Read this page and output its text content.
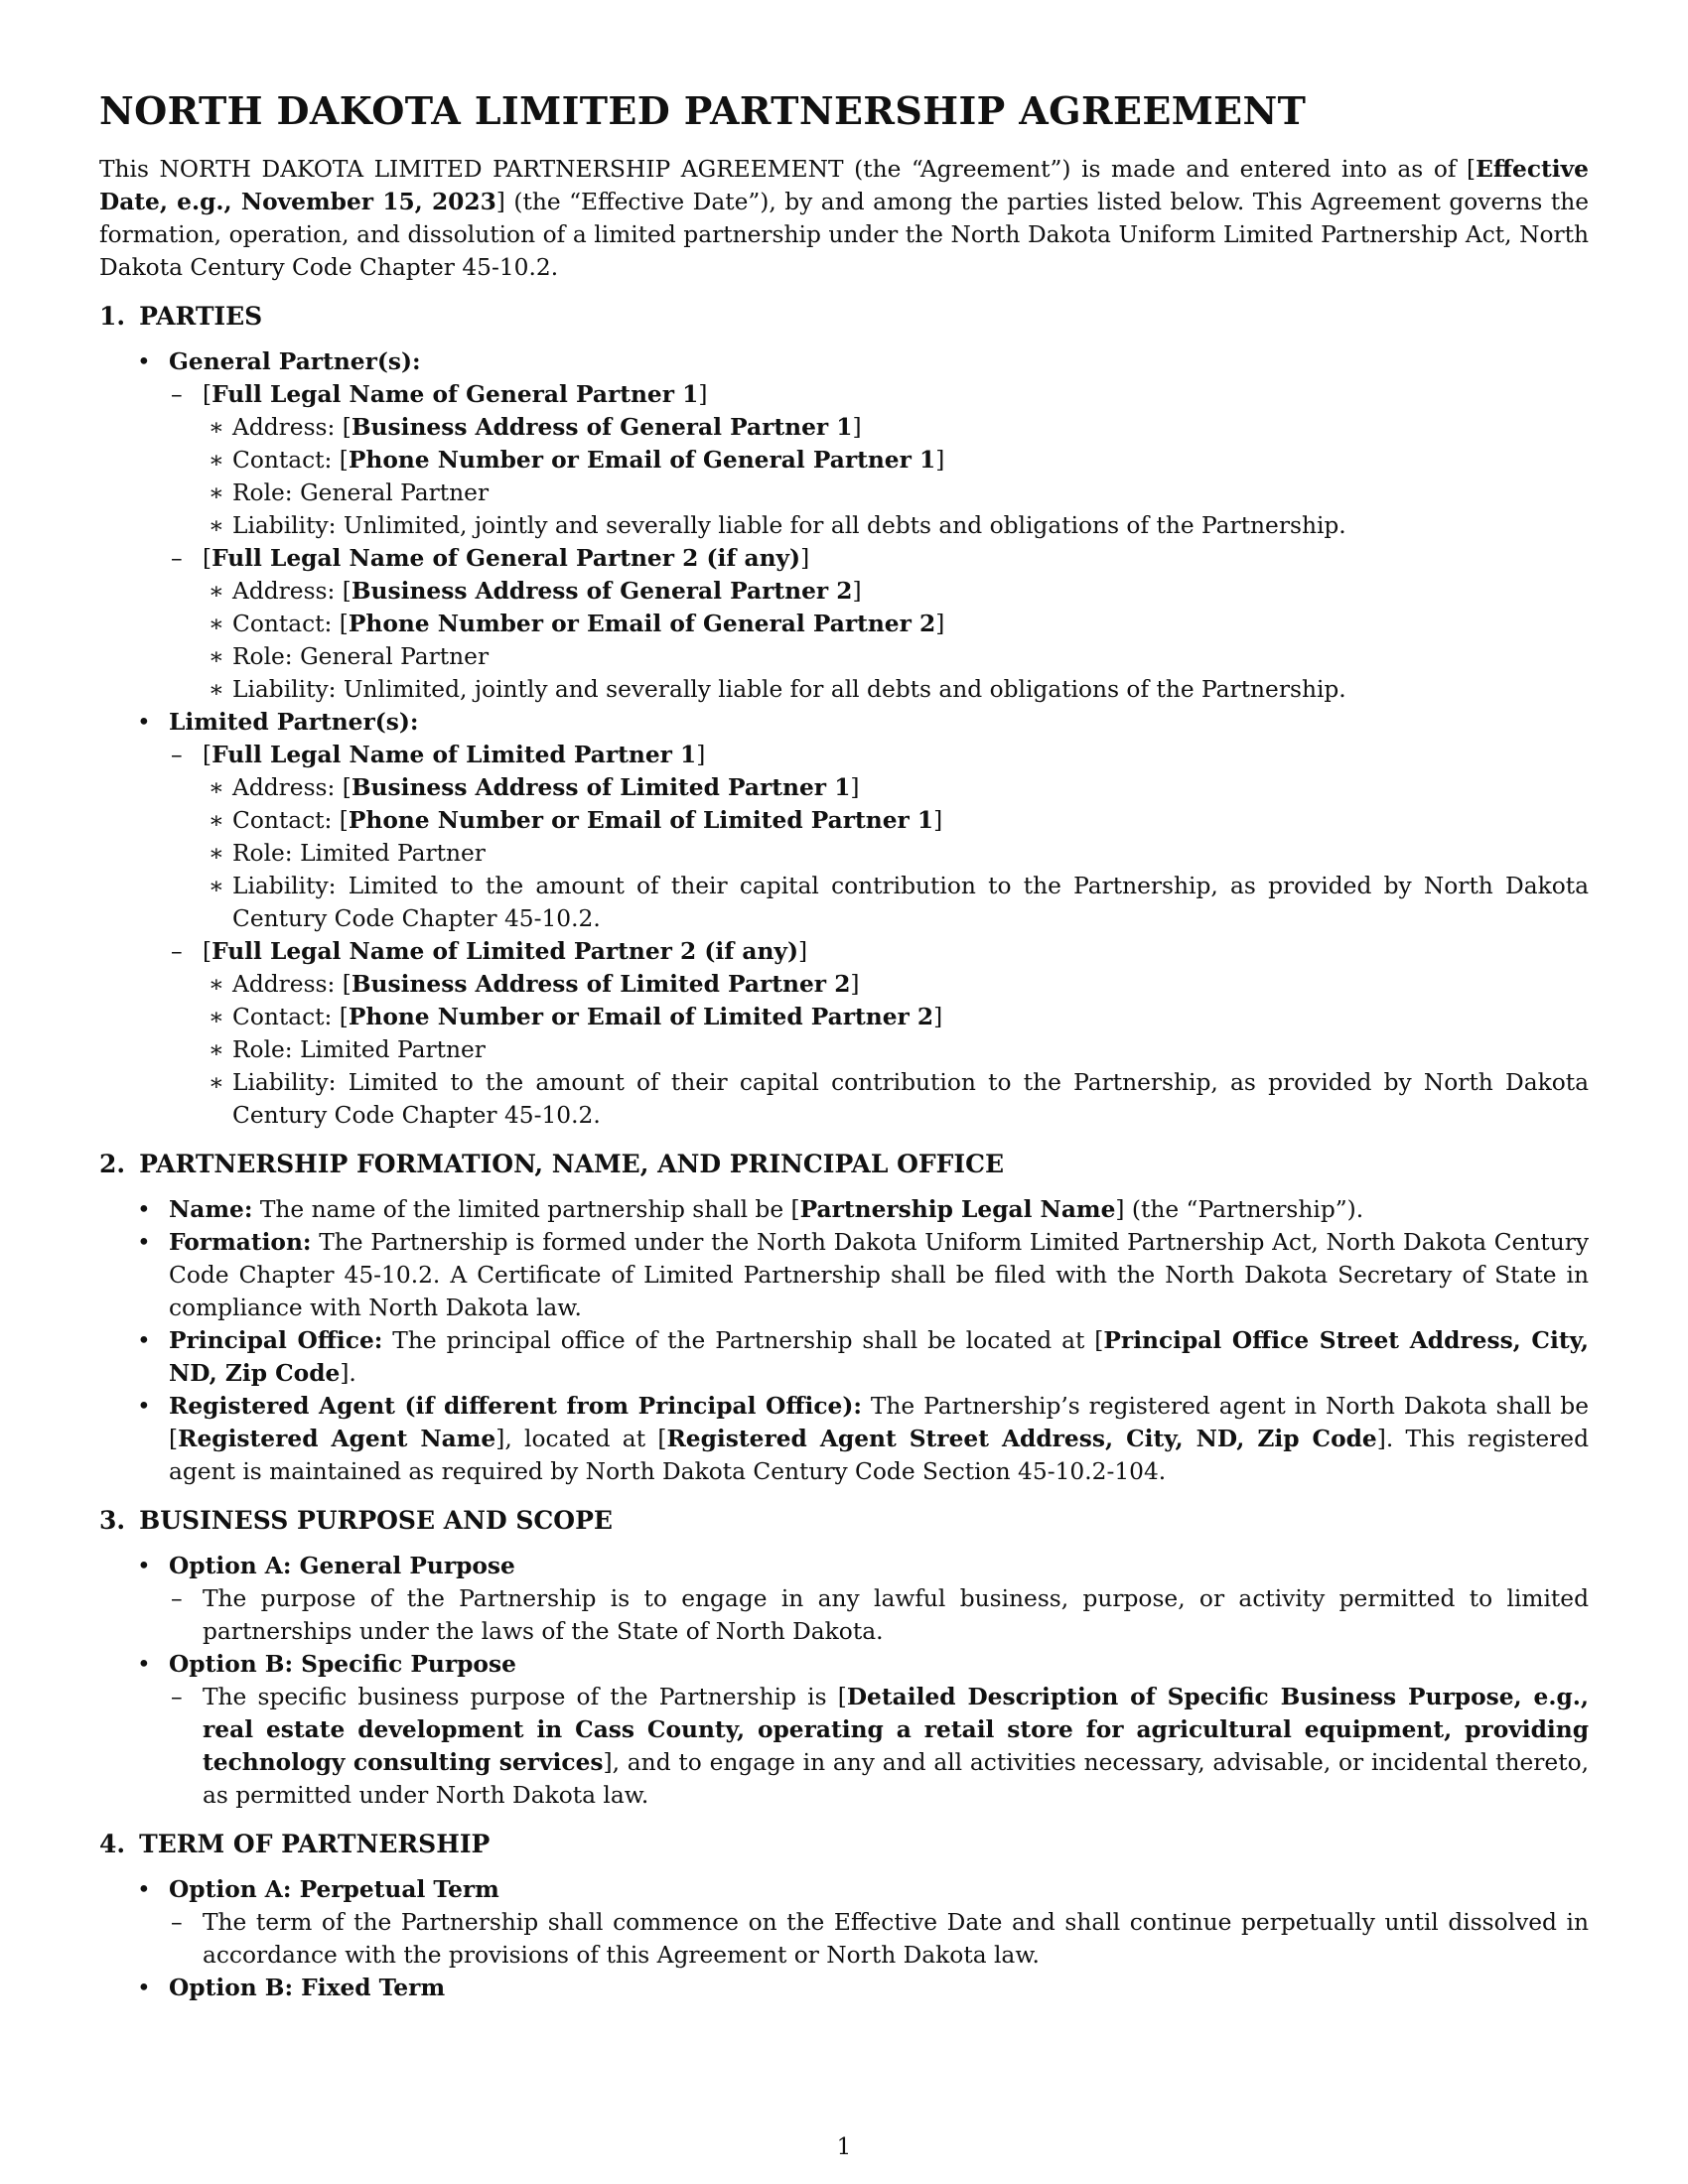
NORTH DAKOTA LIMITED PARTNERSHIP AGREEMENT

This NORTH DAKOTA LIMITED PARTNERSHIP AGREEMENT (the “Agreement”) is made and entered into as of [Effective Date, e.g., November 15, 2023] (the “Effective Date”), by and among the parties listed below. This Agreement governs the formation, operation, and dissolution of a limited partnership under the North Dakota Uniform Limited Partnership Act, North Dakota Century Code Chapter 45-10.2.

1. PARTIES
• General Partner(s):
– [Full Legal Name of General Partner 1]
∗ Address: [Business Address of General Partner 1]
∗ Contact: [Phone Number or Email of General Partner 1]
∗ Role: General Partner
∗ Liability: Unlimited, jointly and severally liable for all debts and obligations of the Partnership.
– [Full Legal Name of General Partner 2 (if any)]
∗ Address: [Business Address of General Partner 2]
∗ Contact: [Phone Number or Email of General Partner 2]
∗ Role: General Partner
∗ Liability: Unlimited, jointly and severally liable for all debts and obligations of the Partnership.
• Limited Partner(s):
– [Full Legal Name of Limited Partner 1]
∗ Address: [Business Address of Limited Partner 1]
∗ Contact: [Phone Number or Email of Limited Partner 1]
∗ Role: Limited Partner
∗ Liability: Limited to the amount of their capital contribution to the Partnership, as provided by North Dakota Century Code Chapter 45-10.2.
– [Full Legal Name of Limited Partner 2 (if any)]
∗ Address: [Business Address of Limited Partner 2]
∗ Contact: [Phone Number or Email of Limited Partner 2]
∗ Role: Limited Partner
∗ Liability: Limited to the amount of their capital contribution to the Partnership, as provided by North Dakota Century Code Chapter 45-10.2.
2. PARTNERSHIP FORMATION, NAME, AND PRINCIPAL OFFICE
• Name: The name of the limited partnership shall be [Partnership Legal Name] (the “Partnership”).
• Formation: The Partnership is formed under the North Dakota Uniform Limited Partnership Act, North Dakota Century Code Chapter 45-10.2. A Certificate of Limited Partnership shall be filed with the North Dakota Secretary of State in compliance with North Dakota law.
• Principal Office: The principal office of the Partnership shall be located at [Principal Office Street Address, City, ND, Zip Code].
• Registered Agent (if different from Principal Office): The Partnership’s registered agent in North Dakota shall be [Registered Agent Name], located at [Registered Agent Street Address, City, ND, Zip Code]. This registered agent is maintained as required by North Dakota Century Code Section 45-10.2-104.
3. BUSINESS PURPOSE AND SCOPE
• Option A: General Purpose
– The purpose of the Partnership is to engage in any lawful business, purpose, or activity permitted to limited partnerships under the laws of the State of North Dakota.
• Option B: Specific Purpose
– The specific business purpose of the Partnership is [Detailed Description of Specific Business Purpose, e.g., real estate development in Cass County, operating a retail store for agricultural equipment, providing technology consulting services], and to engage in any and all activities necessary, advisable, or incidental thereto, as permitted under North Dakota law.
4. TERM OF PARTNERSHIP
• Option A: Perpetual Term
– The term of the Partnership shall commence on the Effective Date and shall continue perpetually until dissolved in accordance with the provisions of this Agreement or North Dakota law.
• Option B: Fixed Term
1
